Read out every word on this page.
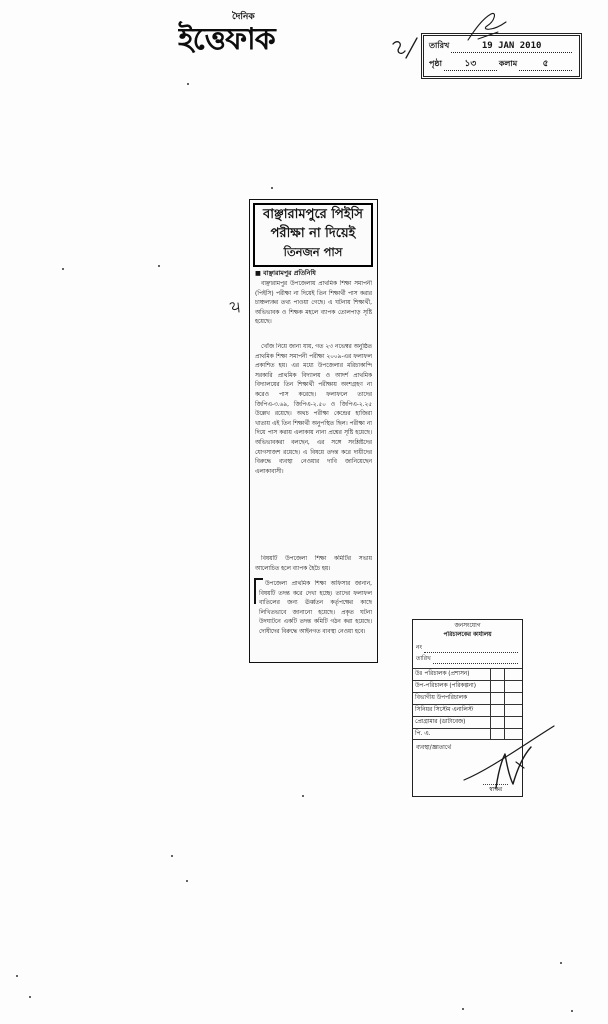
দৈনিক
ইত্তেফাক	তারিখ	19 JAN 2010
পৃষ্ঠা	১৩	কলাম	৫
বাঞ্ছারামপুরে পিইসি
পরীক্ষা না দিয়েই
তিনজন পাস
■ বাঞ্ছারামপুর প্রতিনিধি
বাঞ্ছারামপুর উপজেলায় প্রাথমিক শিক্ষা সমাপনী (পিইসি) পরীক্ষা না দিয়েই তিন শিক্ষার্থী পাস করার চাঞ্চল্যকর তথ্য পাওয়া গেছে। এ ঘটনায় শিক্ষার্থী, অভিভাবক ও শিক্ষক মহলে ব্যাপক তোলপাড় সৃষ্টি হয়েছে।
খোঁজ নিয়ে জানা যায়, গত ২৩ নভেম্বর অনুষ্ঠিত প্রাথমিক শিক্ষা সমাপনী পরীক্ষা ২০০৯-এর ফলাফল প্রকাশিত হয়। এর মধ্যে উপজেলার মরিচাকান্দি সরকারি প্রাথমিক বিদ্যালয় ও আদর্শ প্রাথমিক বিদ্যালয়ের তিন শিক্ষার্থী পরীক্ষায় অংশগ্রহণ না করেও পাস করেছে। ফলাফলে তাদের জিপিএ-৩.৬৯, জিপিএ-২.৫০ ও জিপিএ-২.২৫ উল্লেখ রয়েছে। অথচ পরীক্ষা কেন্দ্রের হাজিরা খাতায় এই তিন শিক্ষার্থী অনুপস্থিত ছিল। পরীক্ষা না দিয়ে পাস করায় এলাকায় নানা প্রশ্নের সৃষ্টি হয়েছে। অভিভাবকরা বলছেন, এর সঙ্গে সংশ্লিষ্টদের যোগসাজশ রয়েছে। এ বিষয়ে তদন্ত করে দায়ীদের বিরুদ্ধে ব্যবস্থা নেওয়ার দাবি জানিয়েছেন এলাকাবাসী।
বিষয়টি উপজেলা শিক্ষা কমিটির সভায় আলোচিত হলে ব্যাপক হৈচৈ হয়।
উপজেলা প্রাথমিক শিক্ষা অফিসার জানান, বিষয়টি তদন্ত করে দেখা হচ্ছে। তাদের ফলাফল বাতিলের জন্য ঊর্ধ্বতন কর্তৃপক্ষের কাছে লিখিতভাবে জানানো হয়েছে। প্রকৃত ঘটনা উদঘাটনে একটি তদন্ত কমিটি গঠন করা হয়েছে। দোষীদের বিরুদ্ধে আইনগত ব্যবস্থা নেওয়া হবে।
জনসংযোগ
পরিচালকের কার্যালয়
নং
তারিখ
উঃ পরিচালক (প্রশাসন)
উপ-পরিচালক (পরিকল্পনা)
বিভাগীয় উপপরিচালক
সিনিয়র সিস্টেম এনালিস্ট
প্রোগ্রামার (ডাটাবেজ)
পি. এ.
ব্যবস্থা/জ্ঞাতার্থে
স্বাক্ষর
